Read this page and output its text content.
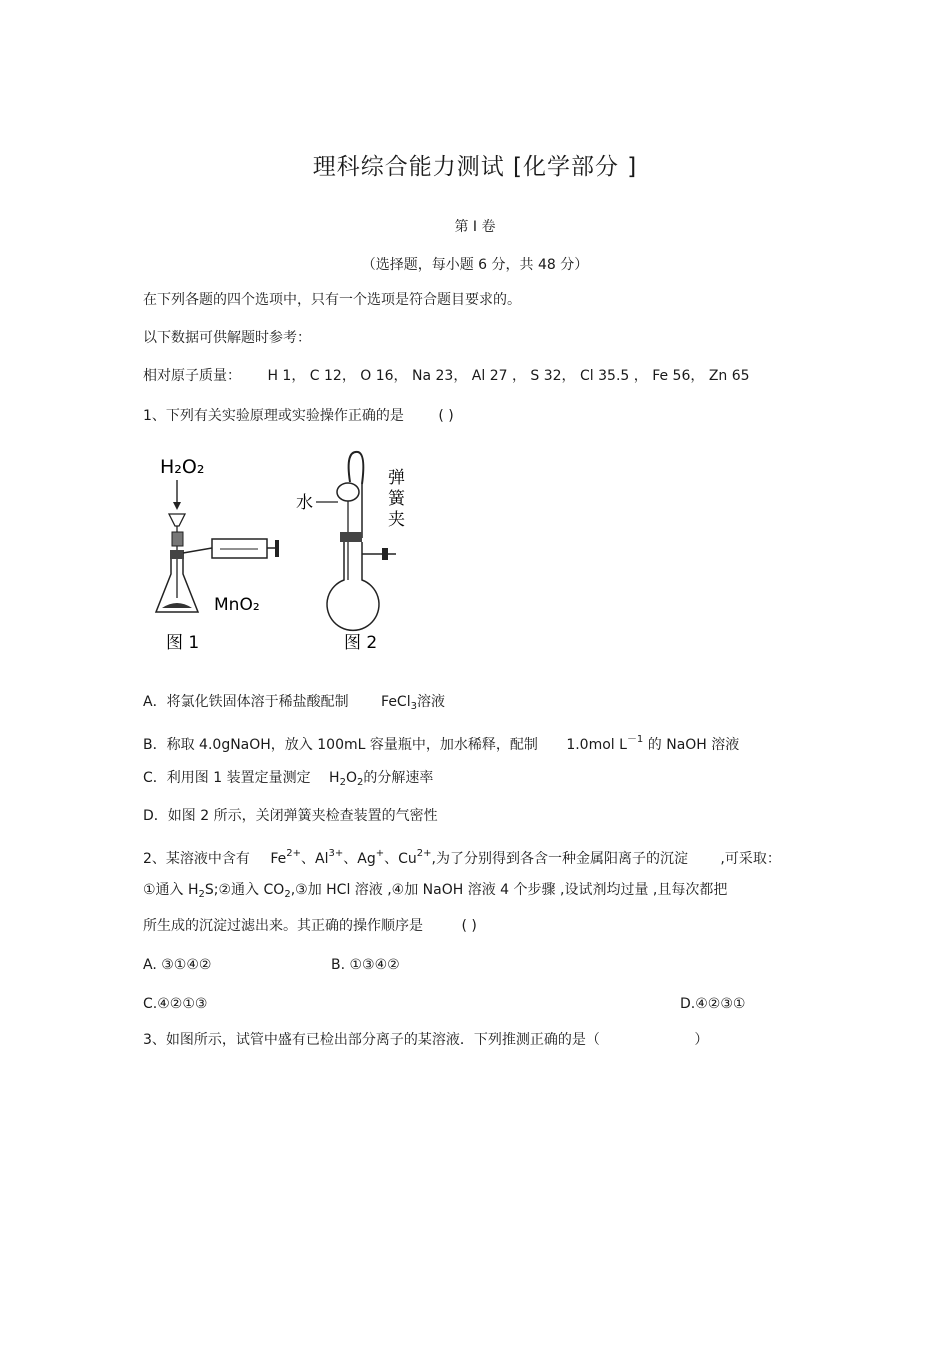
理科综合能力测试 [化学部分 ]
第 I 卷
（选择题，每小题 6 分，共 48 分）
在下列各题的四个选项中，只有一个选项是符合题目要求的。
以下数据可供解题时参考：
相对原子质量： H 1， C 12， O 16， Na 23， Al 27 ， S 32， Cl 35.5 ， Fe 56， Zn 65
1、下列有关实验原理或实验操作正确的是 ( )
H₂O₂
MnO₂
图 1
水
弹
簧
夹
图 2
A．将氯化铁固体溶于稀盐酸配制 FeCl$_3$溶液
B．称取 4.0gNaOH，放入 100mL 容量瓶中，加水稀释，配制 1.0mol $L^{-1}$ 的 NaOH 溶液
C．利用图 1 装置定量测定 $H_2O_2$的分解速率
D．如图 2 所示，关闭弹簧夹检查装置的气密性
2、某溶液中含有 $Fe^{2+}$、$Al^{3+}$、Ag+、$Cu^{2+}$,为了分别得到各含一种金属阳离子的沉淀 ,可采取：
①通入 $H_2S;②$通入 $CO_2,③$加 HCl 溶液 ,④加 NaOH 溶液 4 个步骤 ,设试剂均过量 ,且每次都把
所生成的沉淀过滤出来。其正确的操作顺序是	( )
A. ③①④②	B. ①③④②
C.④②①③	D.④②③①
3、如图所示，试管中盛有已检出部分离子的某溶液．下列推测正确的是（	）
